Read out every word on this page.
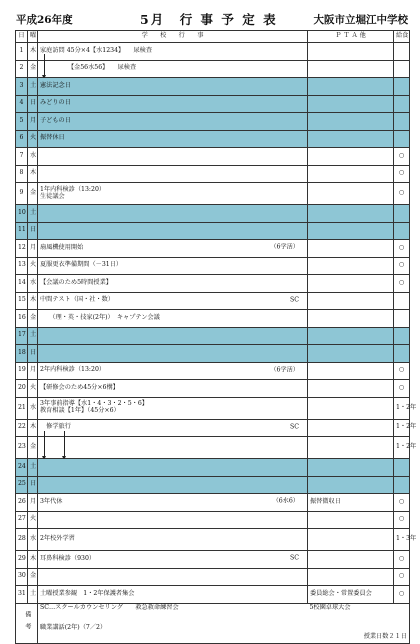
平成26年度	5月　行 事 予 定 表	大阪市立堀江中学校
日	曜	学　　校　　行　　事	Ｐ Ｔ Ａ 他	給食
1	木	家庭訪問 45分×4【水1234】　　尿検査		

2	金	　　　　　【金56水56】　　尿検査		

3	土	憲法記念日		

4	日	みどりの日		

5	月	子どもの日		

6	火	振替休日		

7	水			○
8	木			○
9	金	1年内科検診（13:20）
生徒議会		○
10	土	

11	日	

12	月	扇風機使用開始 （6学活）		○
13	火	夏服更衣準備期間（－31日）		○
14	水	【会議のため5時間授業】		○
15	木	中間テスト（国・社・数） SC		

16	金	　　（理・英・技家(2年)）　キャプテン会議		

17	土	

18	日	

19	月	2年内科検診（13:20） （6学活）		○
20	火	【研修会のため45分×6構】		○
21	水	3年事前指導【水1・4・3・2・5・6】
教育相談【1年】（45分×6）		1・2年
22	木	　修学旅行 SC		1・2年
23	金			1・2年
24	土	

25	日	

26	月	3年代休 （6水6）	振替微収日	○
27	火			○
28	水	2年校外学習		1・3年
29	木	耳鼻科検診（930） SC		○
30	金			○
31	土	土曜授業参観　1・2年保護者集会	委員総会・常置委員会	○
備考		SC…スクールカウンセリング　　救急救命練習会	5校園卓球大会	

		職業講話(2年)（7／2）		
			授業日数２１日	
